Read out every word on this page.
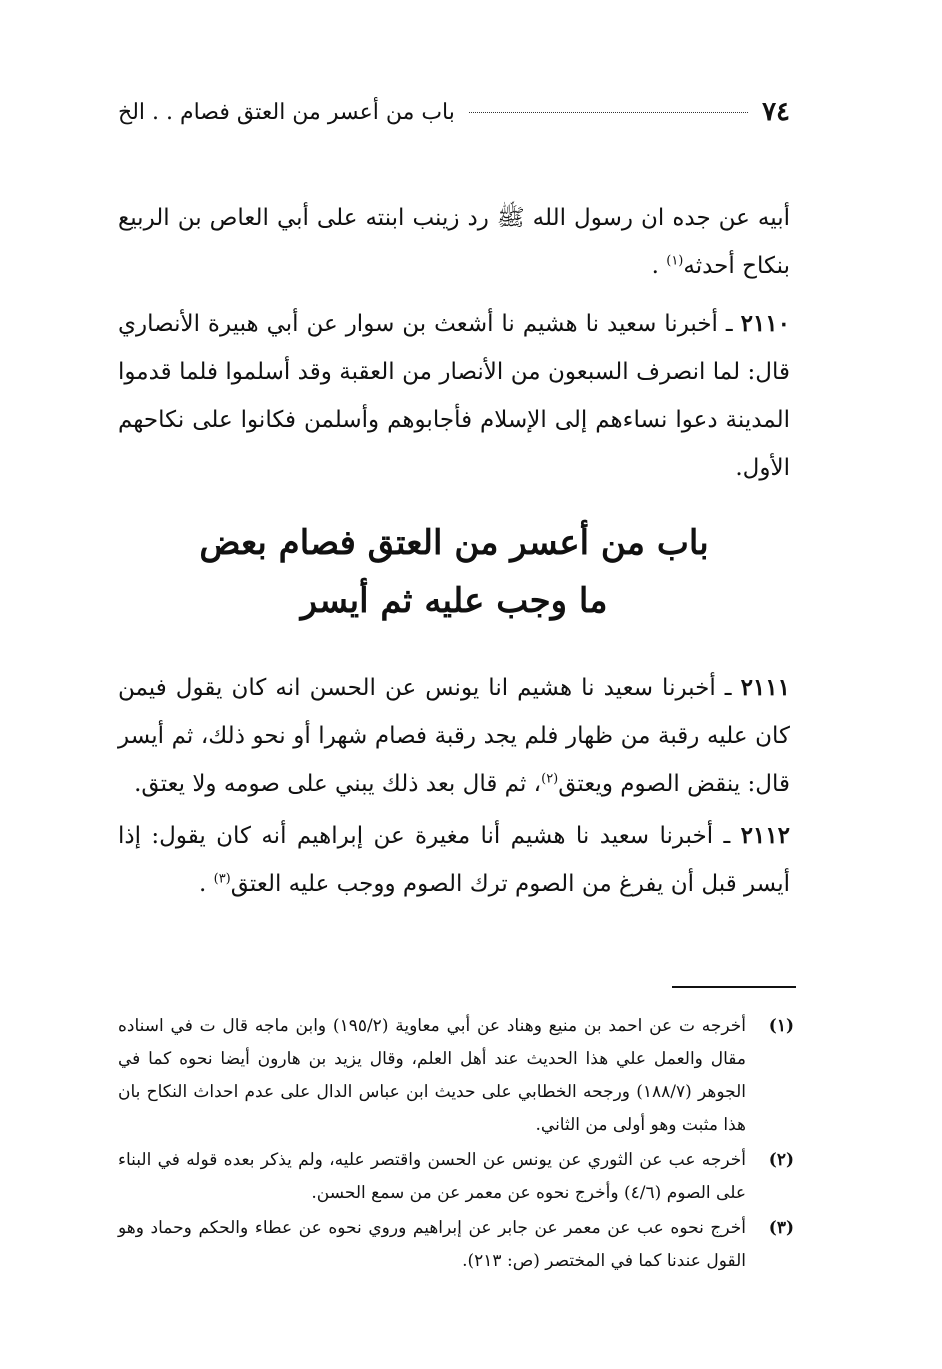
٧٤
باب من أعسر من العتق فصام . . الخ
أبيه عن جده ان رسول الله ﷺ رد زينب ابنته على أبي العاص بن الربيع بنكاح أحدثه$^{(١)}$ .
٢١١٠ ـ أخبرنا سعيد نا هشيم نا أشعث بن سوار عن أبي هبيرة الأنصاري قال: لما انصرف السبعون من الأنصار من العقبة وقد أسلموا فلما قدموا المدينة دعوا نساءهم إلى الإسلام فأجابوهم وأسلمن فكانوا على نكاحهم الأول.
باب من أعسر من العتق فصام بعض
ما وجب عليه ثم أيسر
٢١١١ ـ أخبرنا سعيد نا هشيم انا يونس عن الحسن انه كان يقول فيمن كان عليه رقبة من ظهار فلم يجد رقبة فصام شهرا أو نحو ذلك، ثم أيسر قال: ينقض الصوم ويعتق$^{(٢)}$، ثم قال بعد ذلك يبني على صومه ولا يعتق.
٢١١٢ ـ أخبرنا سعيد نا هشيم أنا مغيرة عن إبراهيم أنه كان يقول: إذا أيسر قبل أن يفرغ من الصوم ترك الصوم ووجب عليه العتق$^{(٣)}$ .
(١)
أخرجه ت عن احمد بن منيع وهناد عن أبي معاوية (١٩٥/٢) وابن ماجه قال ت في اسناده مقال والعمل علي هذا الحديث عند أهل العلم، وقال يزيد بن هارون أيضا نحوه كما في الجوهر (١٨٨/٧) ورجحه الخطابي على حديث ابن عباس الدال على عدم احداث النكاح بان هذا مثبت وهو أولى من الثاني.
(٢)
أخرجه عب عن الثوري عن يونس عن الحسن واقتصر عليه، ولم يذكر بعده قوله في البناء على الصوم (٤/٦) وأخرج نحوه عن معمر عن من سمع الحسن.
(٣)
أخرج نحوه عب عن معمر عن جابر عن إبراهيم وروي نحوه عن عطاء والحكم وحماد وهو القول عندنا كما في المختصر (ص: ٢١٣).
